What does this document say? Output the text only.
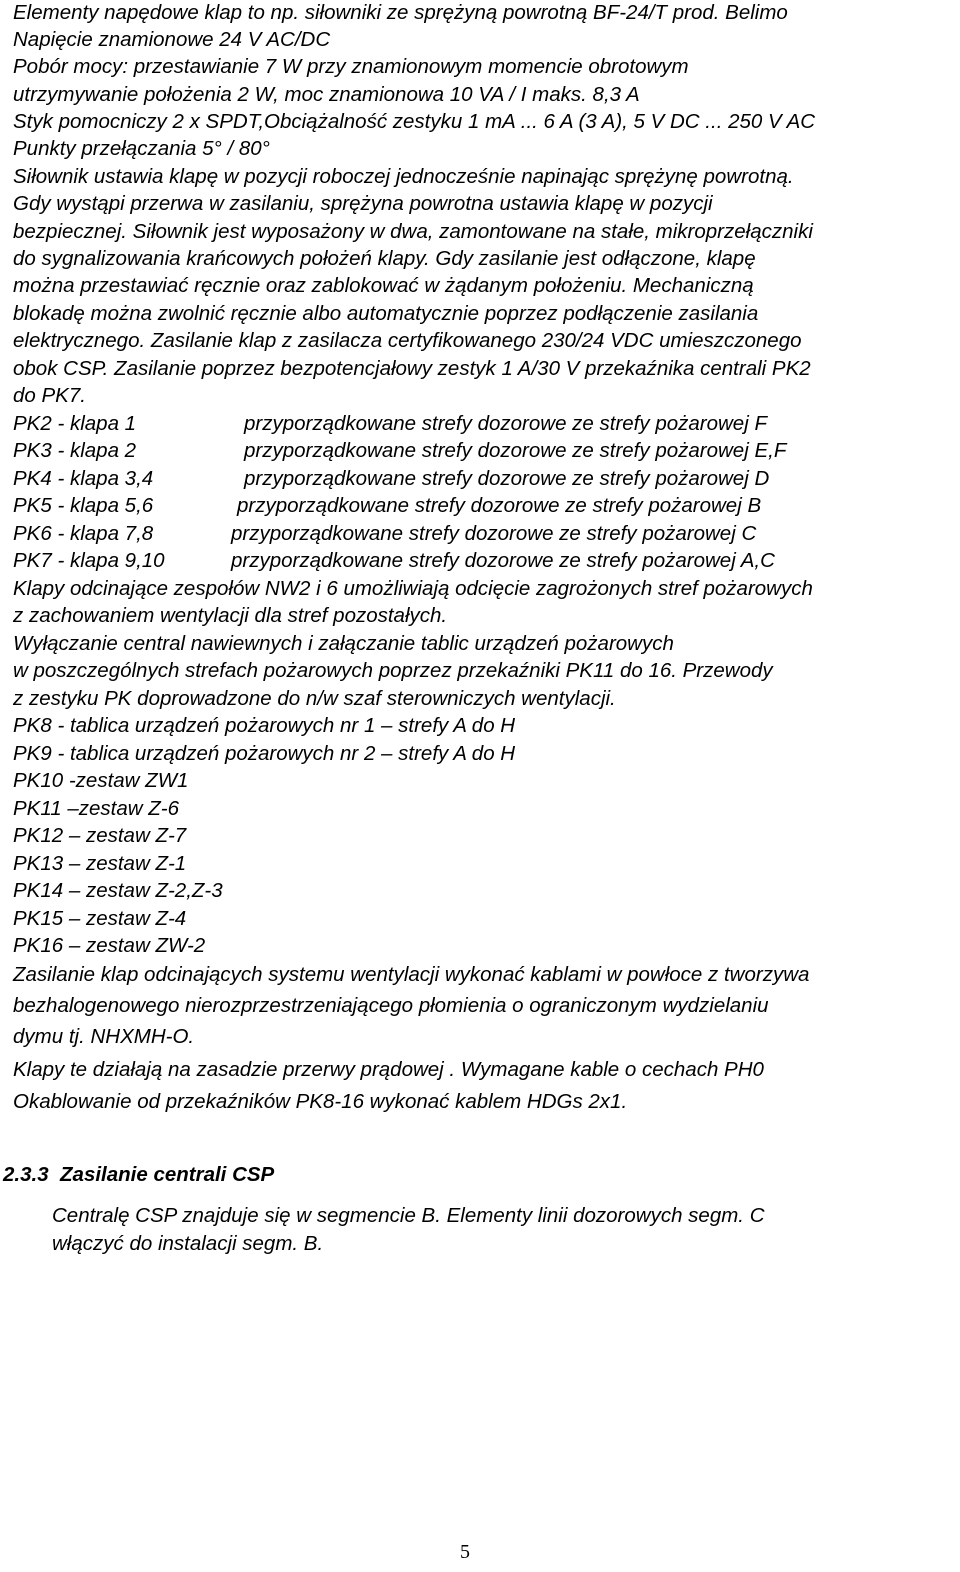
Elementy napędowe klap to np. siłowniki ze sprężyną powrotną BF-24/T prod. Belimo
Napięcie znamionowe 24 V AC/DC
Pobór mocy: przestawianie 7 W przy znamionowym momencie obrotowym
utrzymywanie położenia 2 W, moc znamionowa 10 VA / I maks. 8,3 A
Styk pomocniczy 2 x SPDT,Obciążalność zestyku 1 mA ... 6 A (3 A), 5 V DC ... 250 V AC
Punkty przełączania 5° / 80°
Siłownik ustawia klapę w pozycji roboczej jednocześnie napinając sprężynę powrotną.
Gdy wystąpi przerwa w zasilaniu, sprężyna powrotna ustawia klapę w pozycji
bezpiecznej. Siłownik jest wyposażony w dwa, zamontowane na stałe, mikroprzełączniki
do sygnalizowania krańcowych położeń klapy. Gdy zasilanie jest odłączone, klapę
można przestawiać ręcznie oraz zablokować w żądanym położeniu. Mechaniczną
blokadę można zwolnić ręcznie albo automatycznie poprzez podłączenie zasilania
elektrycznego. Zasilanie klap z zasilacza certyfikowanego 230/24 VDC umieszczonego
obok CSP. Zasilanie poprzez bezpotencjałowy zestyk 1 A/30 V przekaźnika centrali PK2
do PK7.
PK2 - klapa 1	przyporządkowane strefy dozorowe ze strefy pożarowej F
PK3 - klapa 2	przyporządkowane strefy dozorowe ze strefy pożarowej E,F
PK4 - klapa 3,4	przyporządkowane strefy dozorowe ze strefy pożarowej D
PK5 - klapa 5,6	przyporządkowane strefy dozorowe ze strefy pożarowej B
PK6 - klapa 7,8	przyporządkowane strefy dozorowe ze strefy pożarowej C
PK7 - klapa 9,10	przyporządkowane strefy dozorowe ze strefy pożarowej A,C
Klapy odcinające zespołów NW2 i 6 umożliwiają odcięcie zagrożonych stref pożarowych
z zachowaniem wentylacji dla stref pozostałych.
Wyłączanie central nawiewnych i załączanie tablic urządzeń pożarowych
w poszczególnych strefach pożarowych poprzez przekaźniki PK11 do 16. Przewody
z zestyku PK doprowadzone do n/w szaf sterowniczych wentylacji.
PK8 - tablica urządzeń pożarowych nr 1 – strefy A do H
PK9 - tablica urządzeń pożarowych nr 2 – strefy A do H
PK10 -zestaw ZW1
PK11 –zestaw Z-6
PK12 – zestaw Z-7
PK13 – zestaw Z-1
PK14 – zestaw Z-2,Z-3
PK15 – zestaw Z-4
PK16 – zestaw ZW-2
Zasilanie klap odcinających systemu wentylacji wykonać kablami w powłoce z tworzywa
bezhalogenowego nierozprzestrzeniającego płomienia o ograniczonym wydzielaniu
dymu tj. NHXMH-O.
Klapy te działają na zasadzie przerwy prądowej . Wymagane kable o cechach PH0
Okablowanie od przekaźników PK8-16 wykonać kablem HDGs 2x1.
2.3.3 Zasilanie centrali CSP
Centralę CSP znajduje się w segmencie B. Elementy linii dozorowych segm. C
włączyć do instalacji segm. B.
5
